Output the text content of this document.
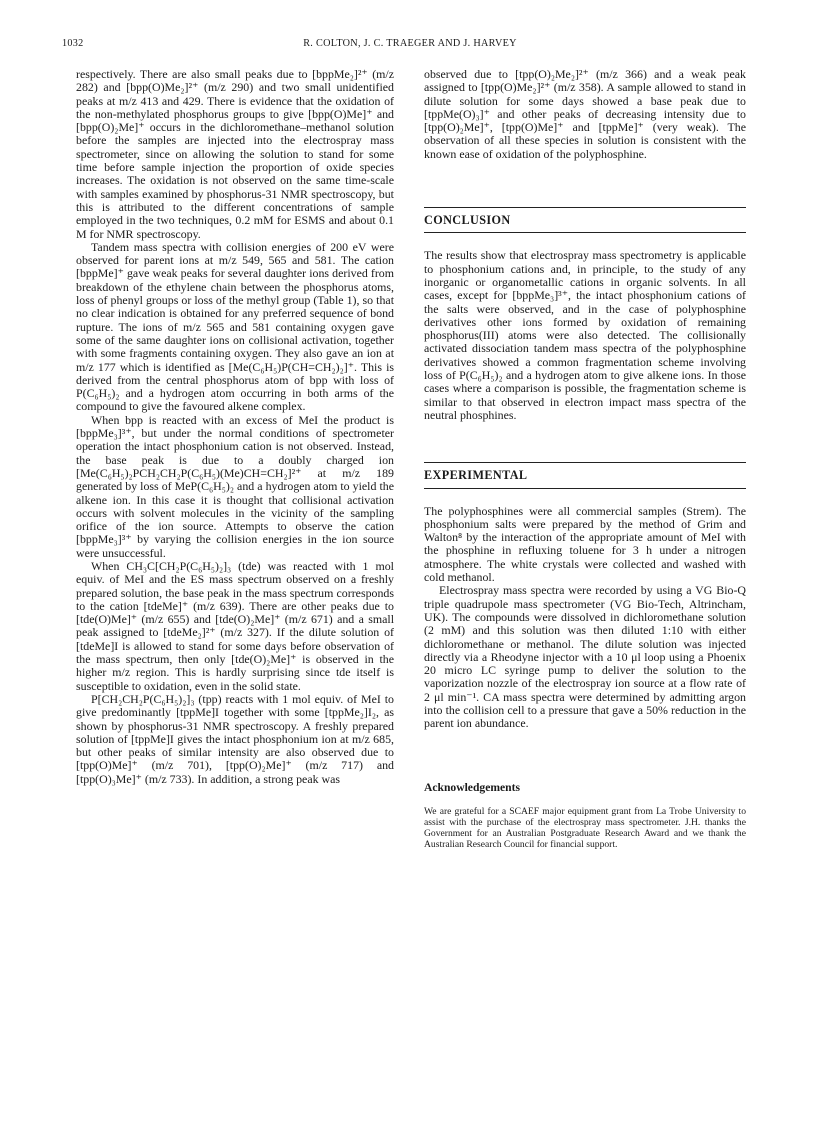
1032	R. COLTON, J. C. TRAEGER AND J. HARVEY

respectively. There are also small peaks due to [bppMe₂]²⁺ (m/z 282) and [bpp(O)Me₂]²⁺ (m/z 290) and two small unidentified peaks at m/z 413 and 429. There is evidence that the oxidation of the non-methylated phosphorus groups to give [bpp(O)Me]⁺ and [bpp(O)₂Me]⁺ occurs in the dichloromethane–methanol solution before the samples are injected into the electrospray mass spectrometer, since on allowing the solution to stand for some time before sample injection the proportion of oxide species increases. The oxidation is not observed on the same time-scale with samples examined by phosphorus-31 NMR spectroscopy, but this is attributed to the different concentrations of sample employed in the two techniques, 0.2 mM for ESMS and about 0.1 M for NMR spectroscopy.

Tandem mass spectra with collision energies of 200 eV were observed for parent ions at m/z 549, 565 and 581. The cation [bppMe]⁺ gave weak peaks for several daughter ions derived from breakdown of the ethylene chain between the phosphorus atoms, loss of phenyl groups or loss of the methyl group (Table 1), so that no clear indication is obtained for any preferred sequence of bond rupture. The ions of m/z 565 and 581 containing oxygen gave some of the same daughter ions on collisional activation, together with some fragments containing oxygen. They also gave an ion at m/z 177 which is identified as [Me(C₆H₅)P(CH=CH₂)₂]⁺. This is derived from the central phosphorus atom of bpp with loss of P(C₆H₅)₂ and a hydrogen atom occurring in both arms of the compound to give the favoured alkene complex.

When bpp is reacted with an excess of MeI the product is [bppMe₃]³⁺, but under the normal conditions of spectrometer operation the intact phosphonium cation is not observed. Instead, the base peak is due to a doubly charged ion [Me(C₆H₅)₂PCH₂CH₂P(C₆H₅)(Me)CH=CH₂]²⁺ at m/z 189 generated by loss of MeP(C₆H₅)₂ and a hydrogen atom to yield the alkene ion. In this case it is thought that collisional activation occurs with solvent molecules in the vicinity of the sampling orifice of the ion source. Attempts to observe the cation [bppMe₃]³⁺ by varying the collision energies in the ion source were unsuccessful.

When CH₃C[CH₂P(C₆H₅)₂]₃ (tde) was reacted with 1 mol equiv. of MeI and the ES mass spectrum observed on a freshly prepared solution, the base peak in the mass spectrum corresponds to the cation [tdeMe]⁺ (m/z 639). There are other peaks due to [tde(O)Me]⁺ (m/z 655) and [tde(O)₂Me]⁺ (m/z 671) and a small peak assigned to [tdeMe₂]²⁺ (m/z 327). If the dilute solution of [tdeMe]I is allowed to stand for some days before observation of the mass spectrum, then only [tde(O)₂Me]⁺ is observed in the higher m/z region. This is hardly surprising since tde itself is susceptible to oxidation, even in the solid state.

P[CH₂CH₂P(C₆H₅)₂]₃ (tpp) reacts with 1 mol equiv. of MeI to give predominantly [tppMe]I together with some [tppMe₂]I₂, as shown by phosphorus-31 NMR spectroscopy. A freshly prepared solution of [tppMe]I gives the intact phosphonium ion at m/z 685, but other peaks of similar intensity are also observed due to [tpp(O)Me]⁺ (m/z 701), [tpp(O)₂Me]⁺ (m/z 717) and [tpp(O)₃Me]⁺ (m/z 733). In addition, a strong peak was

observed due to [tpp(O)₂Me₂]²⁺ (m/z 366) and a weak peak assigned to [tpp(O)Me₂]²⁺ (m/z 358). A sample allowed to stand in dilute solution for some days showed a base peak due to [tppMe(O)₃]⁺ and other peaks of decreasing intensity due to [tpp(O)₂Me]⁺, [tpp(O)Me]⁺ and [tppMe]⁺ (very weak). The observation of all these species in solution is consistent with the known ease of oxidation of the polyphosphine.

CONCLUSION

The results show that electrospray mass spectrometry is applicable to phosphonium cations and, in principle, to the study of any inorganic or organometallic cations in organic solvents. In all cases, except for [bppMe₃]³⁺, the intact phosphonium cations of the salts were observed, and in the case of polyphosphine derivatives other ions formed by oxidation of remaining phosphorus(III) atoms were also detected. The collisionally activated dissociation tandem mass spectra of the polyphosphine derivatives showed a common fragmentation scheme involving loss of P(C₆H₅)₂ and a hydrogen atom to give alkene ions. In those cases where a comparison is possible, the fragmentation scheme is similar to that observed in electron impact mass spectra of the neutral phosphines.

EXPERIMENTAL

The polyphosphines were all commercial samples (Strem). The phosphonium salts were prepared by the method of Grim and Walton⁸ by the interaction of the appropriate amount of MeI with the phosphine in refluxing toluene for 3 h under a nitrogen atmosphere. The white crystals were collected and washed with cold methanol.

Electrospray mass spectra were recorded by using a VG Bio-Q triple quadrupole mass spectrometer (VG Bio-Tech, Altrincham, UK). The compounds were dissolved in dichloromethane solution (2 mM) and this solution was then diluted 1:10 with either dichloromethane or methanol. The dilute solution was injected directly via a Rheodyne injector with a 10 μl loop using a Phoenix 20 micro LC syringe pump to deliver the solution to the vaporization nozzle of the electrospray ion source at a flow rate of 2 μl min⁻¹. CA mass spectra were determined by admitting argon into the collision cell to a pressure that gave a 50% reduction in the parent ion abundance.

Acknowledgements

We are grateful for a SCAEF major equipment grant from La Trobe University to assist with the purchase of the electrospray mass spectrometer. J.H. thanks the Government for an Australian Postgraduate Research Award and we thank the Australian Research Council for financial support.
